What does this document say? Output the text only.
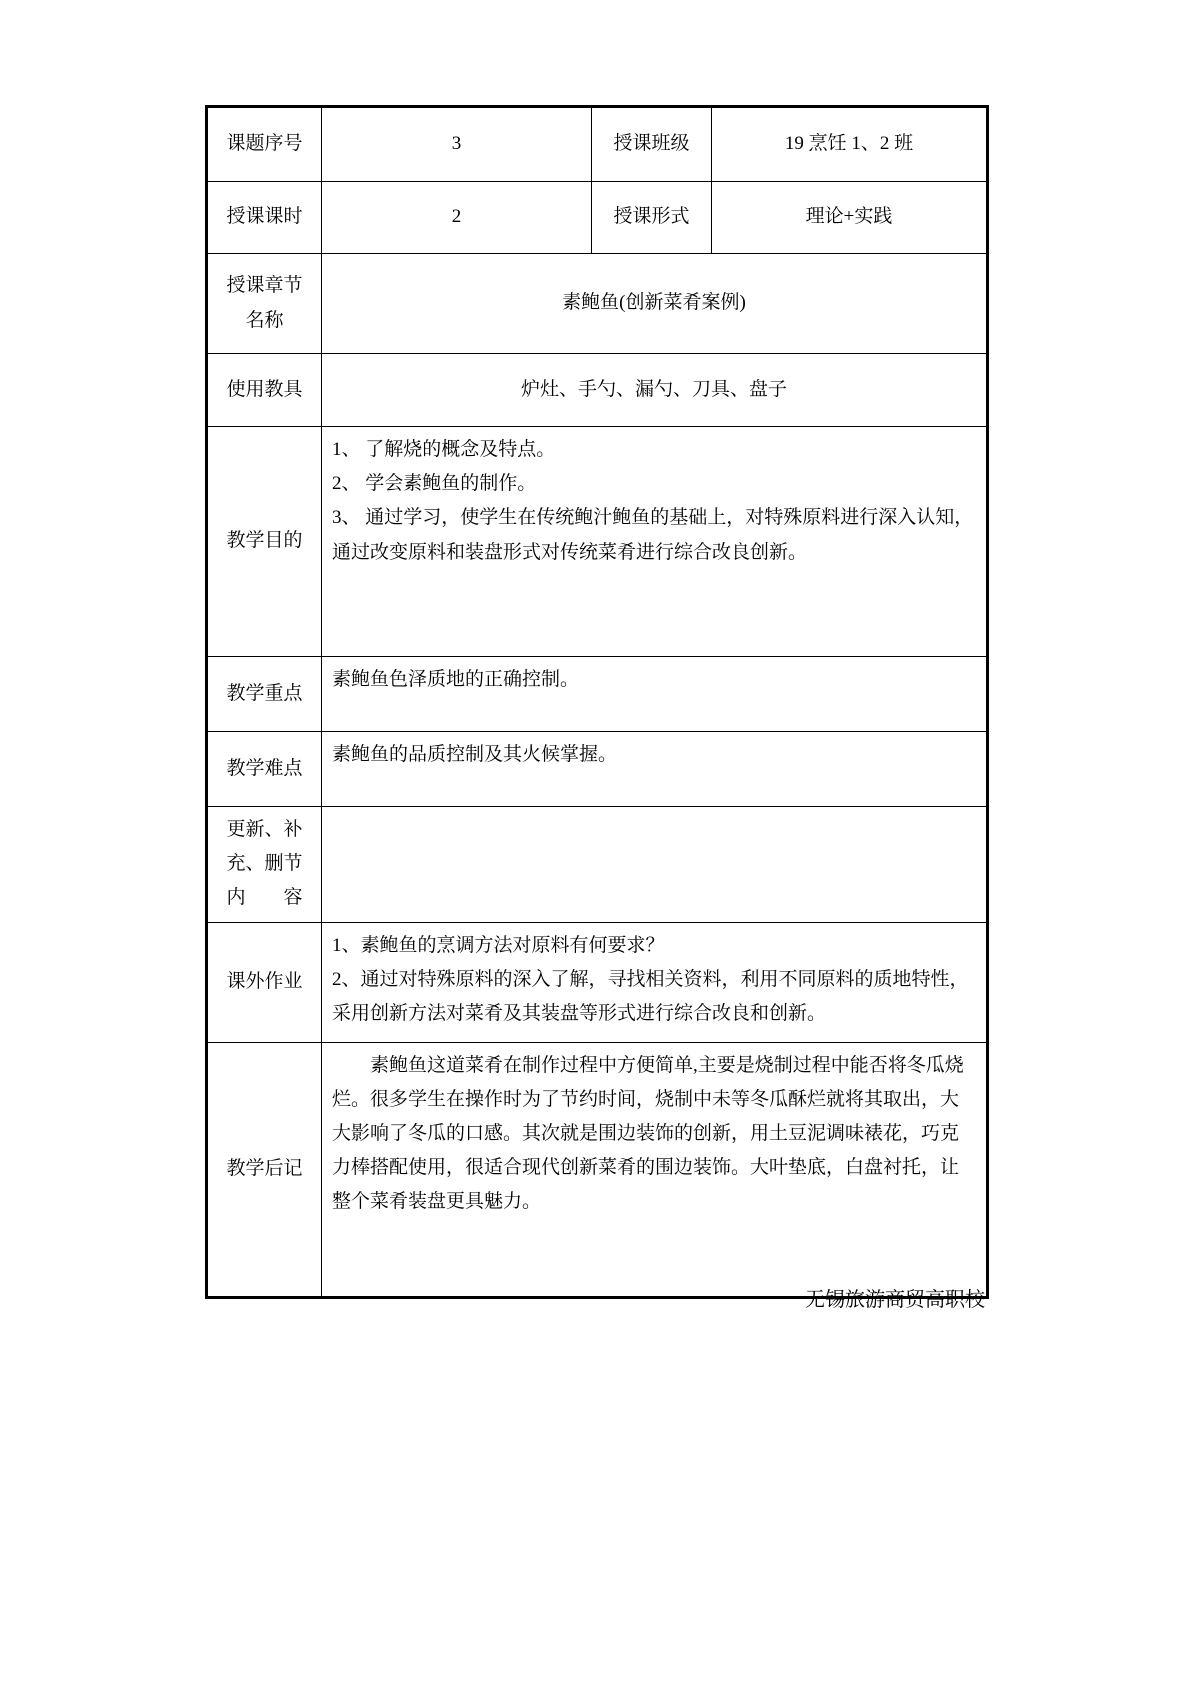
课题序号	3	授课班级	19 烹饪 1、2 班
授课课时	2	授课形式	理论+实践

授课章节
名称	素鲍鱼(创新菜肴案例)		
使用教具	炉灶、手勺、漏勺、刀具、盘子		
教学目的	1、 了解烧的概念及特点。
2、 学会素鲍鱼的制作。
3、 通过学习，使学生在传统鲍汁鲍鱼的基础上，对特殊原料进行深入认知，通过改变原料和装盘形式对传统菜肴进行综合改良创新。		

教学重点	素鲍鱼色泽质地的正确控制。		
教学难点	素鲍鱼的品质控制及其火候掌握。		

更新、补
充、删节
内 容			

课外作业	1、素鲍鱼的烹调方法对原料有何要求？
2、通过对特殊原料的深入了解，寻找相关资料，利用不同原料的质地特性，采用创新方法对菜肴及其装盘等形式进行综合改良和创新。		

教学后记	素鲍鱼这道菜肴在制作过程中方便简单,主要是烧制过程中能否将冬瓜烧烂。很多学生在操作时为了节约时间，烧制中未等冬瓜酥烂就将其取出，大大影响了冬瓜的口感。其次就是围边装饰的创新，用土豆泥调味裱花，巧克力棒搭配使用，很适合现代创新菜肴的围边装饰。大叶垫底，白盘衬托，让整个菜肴装盘更具魅力。		
无锡旅游商贸高职校
